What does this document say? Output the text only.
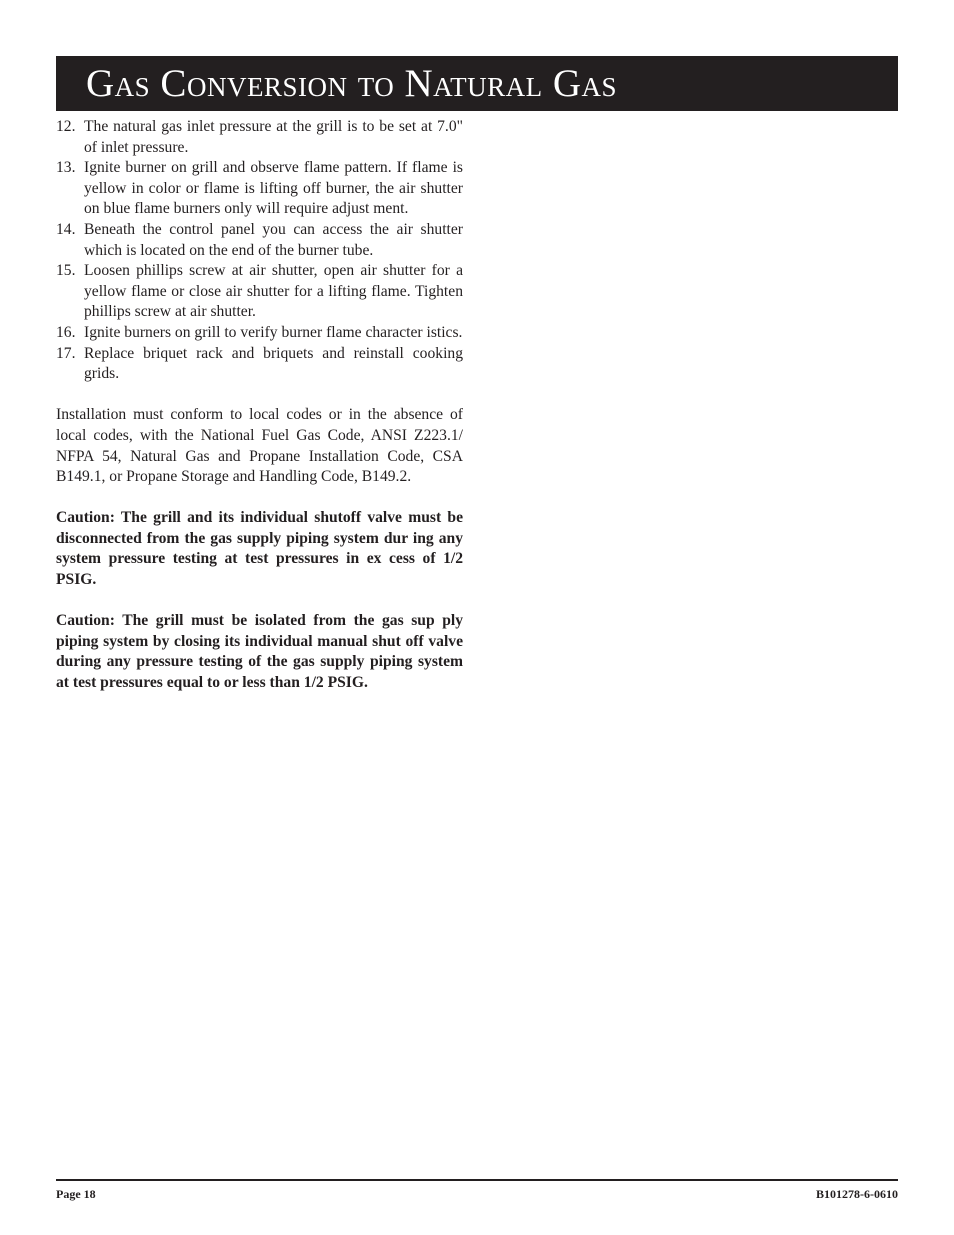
Gas Conversion to Natural Gas
12. The natural gas inlet pressure at the grill is to be set at 7.0" of inlet pressure.
13. Ignite burner on grill and observe flame pattern. If flame is yellow in color or flame is lifting off burner, the air shutter on blue flame burners only will require adjust ment.
14. Beneath the control panel you can access the air shutter which is located on the end of the burner tube.
15. Loosen phillips screw at air shutter, open air shutter for a yellow flame or close air shutter for a lifting flame. Tighten phillips screw at air shutter.
16. Ignite burners on grill to verify burner flame character istics.
17. Replace briquet rack and briquets and reinstall cooking grids.

Installation must conform to local codes or in the absence of local codes, with the National Fuel Gas Code, ANSI Z223.1/ NFPA 54, Natural Gas and Propane Installation Code, CSA B149.1, or Propane Storage and Handling Code, B149.2.

Caution: The grill and its individual shutoff valve must be disconnected from the gas supply piping system dur ing any system pressure testing at test pressures in ex cess of 1/2 PSIG.

Caution: The grill must be isolated from the gas sup ply piping system by closing its individual manual shut off valve during any pressure testing of the gas supply piping system at test pressures equal to or less than 1/2 PSIG.

Page 18	B101278-6-0610
